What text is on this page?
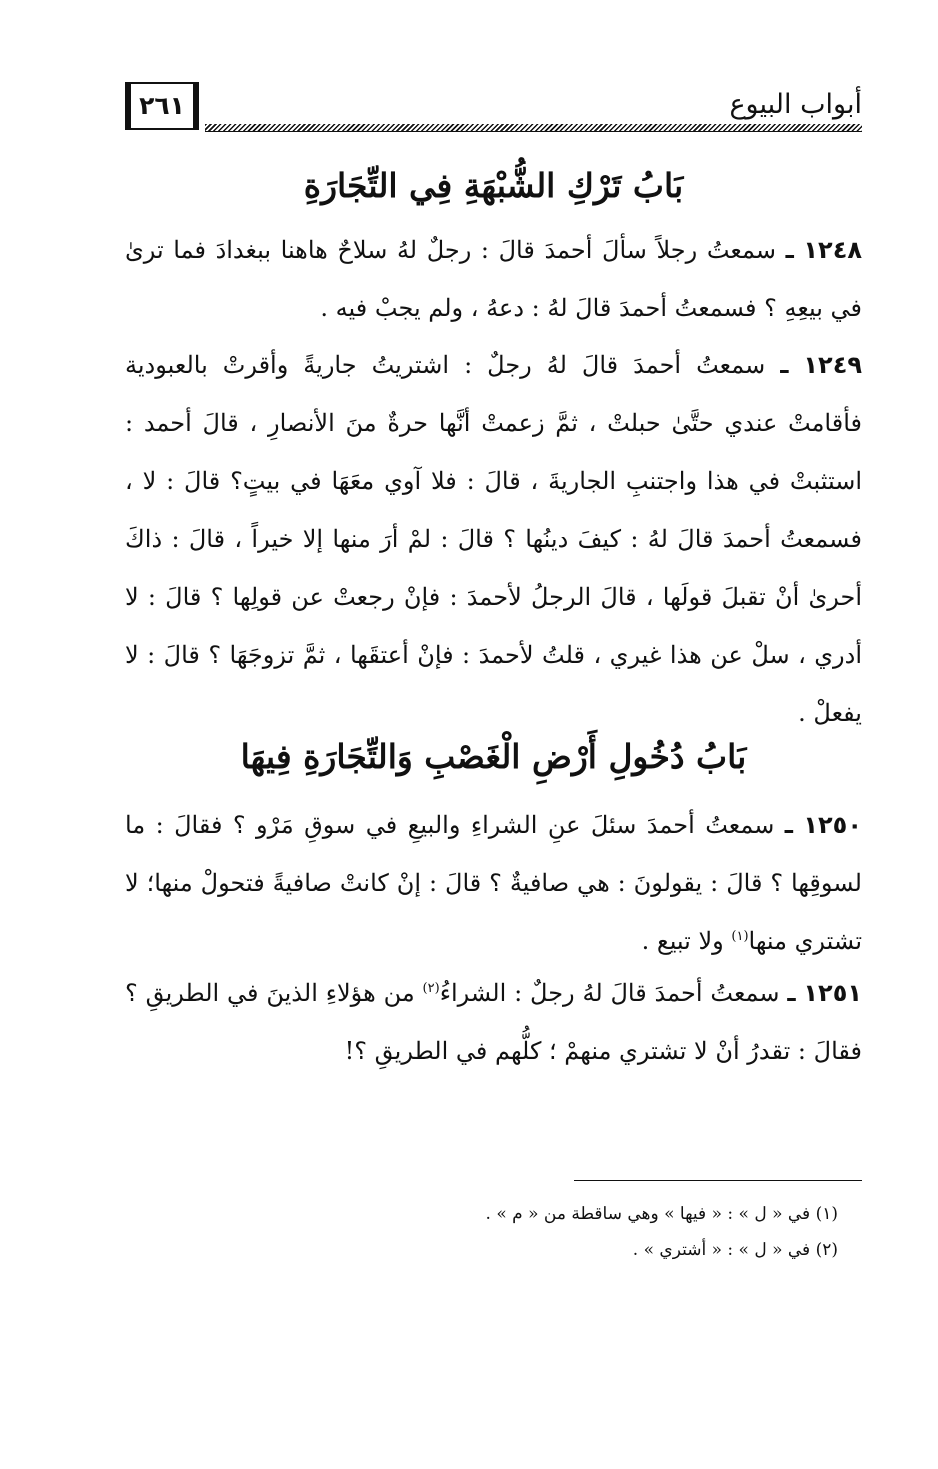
أبواب البيوع
٢٦١
بَابُ تَرْكِ الشُّبْهَةِ فِي التِّجَارَةِ

١٢٤٨ ـ سمعتُ رجلاً سألَ أحمدَ قالَ : رجلٌ لهُ سلاحٌ هاهنا ببغدادَ فما ترىٰ في بيعِهِ ؟ فسمعتُ أحمدَ قالَ لهُ : دعهُ ، ولم يجبْ فيه .

١٢٤٩ ـ سمعتُ أحمدَ قالَ لهُ رجلٌ : اشتريتُ جاريةً وأقرتْ بالعبودية فأقامتْ عندي حتَّىٰ حبلتْ ، ثمَّ زعمتْ أنَّها حرةٌ منَ الأنصارِ ، قالَ أحمد : استثبتْ في هذا واجتنبِ الجاريةَ ، قالَ : فلا آوي معَهَا في بيتٍ؟ قالَ : لا ، فسمعتُ أحمدَ قالَ لهُ : كيفَ دينُها ؟ قالَ : لمْ أرَ منها إلا خيراً ، قالَ : ذاكَ أحرىٰ أنْ تقبلَ قولَها ، قالَ الرجلُ لأحمدَ : فإنْ رجعتْ عن قولِها ؟ قالَ : لا أدري ، سلْ عن هذا غيري ، قلتُ لأحمدَ : فإنْ أعتقَها ، ثمَّ تزوجَهَا ؟ قالَ : لا يفعلْ .

بَابُ دُخُولِ أَرْضِ الْغَصْبِ وَالتِّجَارَةِ فِيهَا

١٢٥٠ ـ سمعتُ أحمدَ سئلَ عنِ الشراءِ والبيعِ في سوقِ مَرْو ؟ فقالَ : ما لسوقِها ؟ قالَ : يقولونَ : هي صافيةٌ ؟ قالَ : إنْ كانتْ صافيةً فتحولْ منها؛ لا تشتري منها$^{(١)}$ ولا تبيع .

١٢٥١ ـ سمعتُ أحمدَ قالَ لهُ رجلٌ : الشراءُ$^{(٢)}$ من هؤلاءِ الذينَ في الطريقِ ؟ فقالَ : تقدرُ أنْ لا تشتري منهمْ ؛ كلُّهم في الطريقِ ؟!

(١) في « ل » : « فيها » وهي ساقطة من « م » .

(٢) في « ل » : « أشتري » .
